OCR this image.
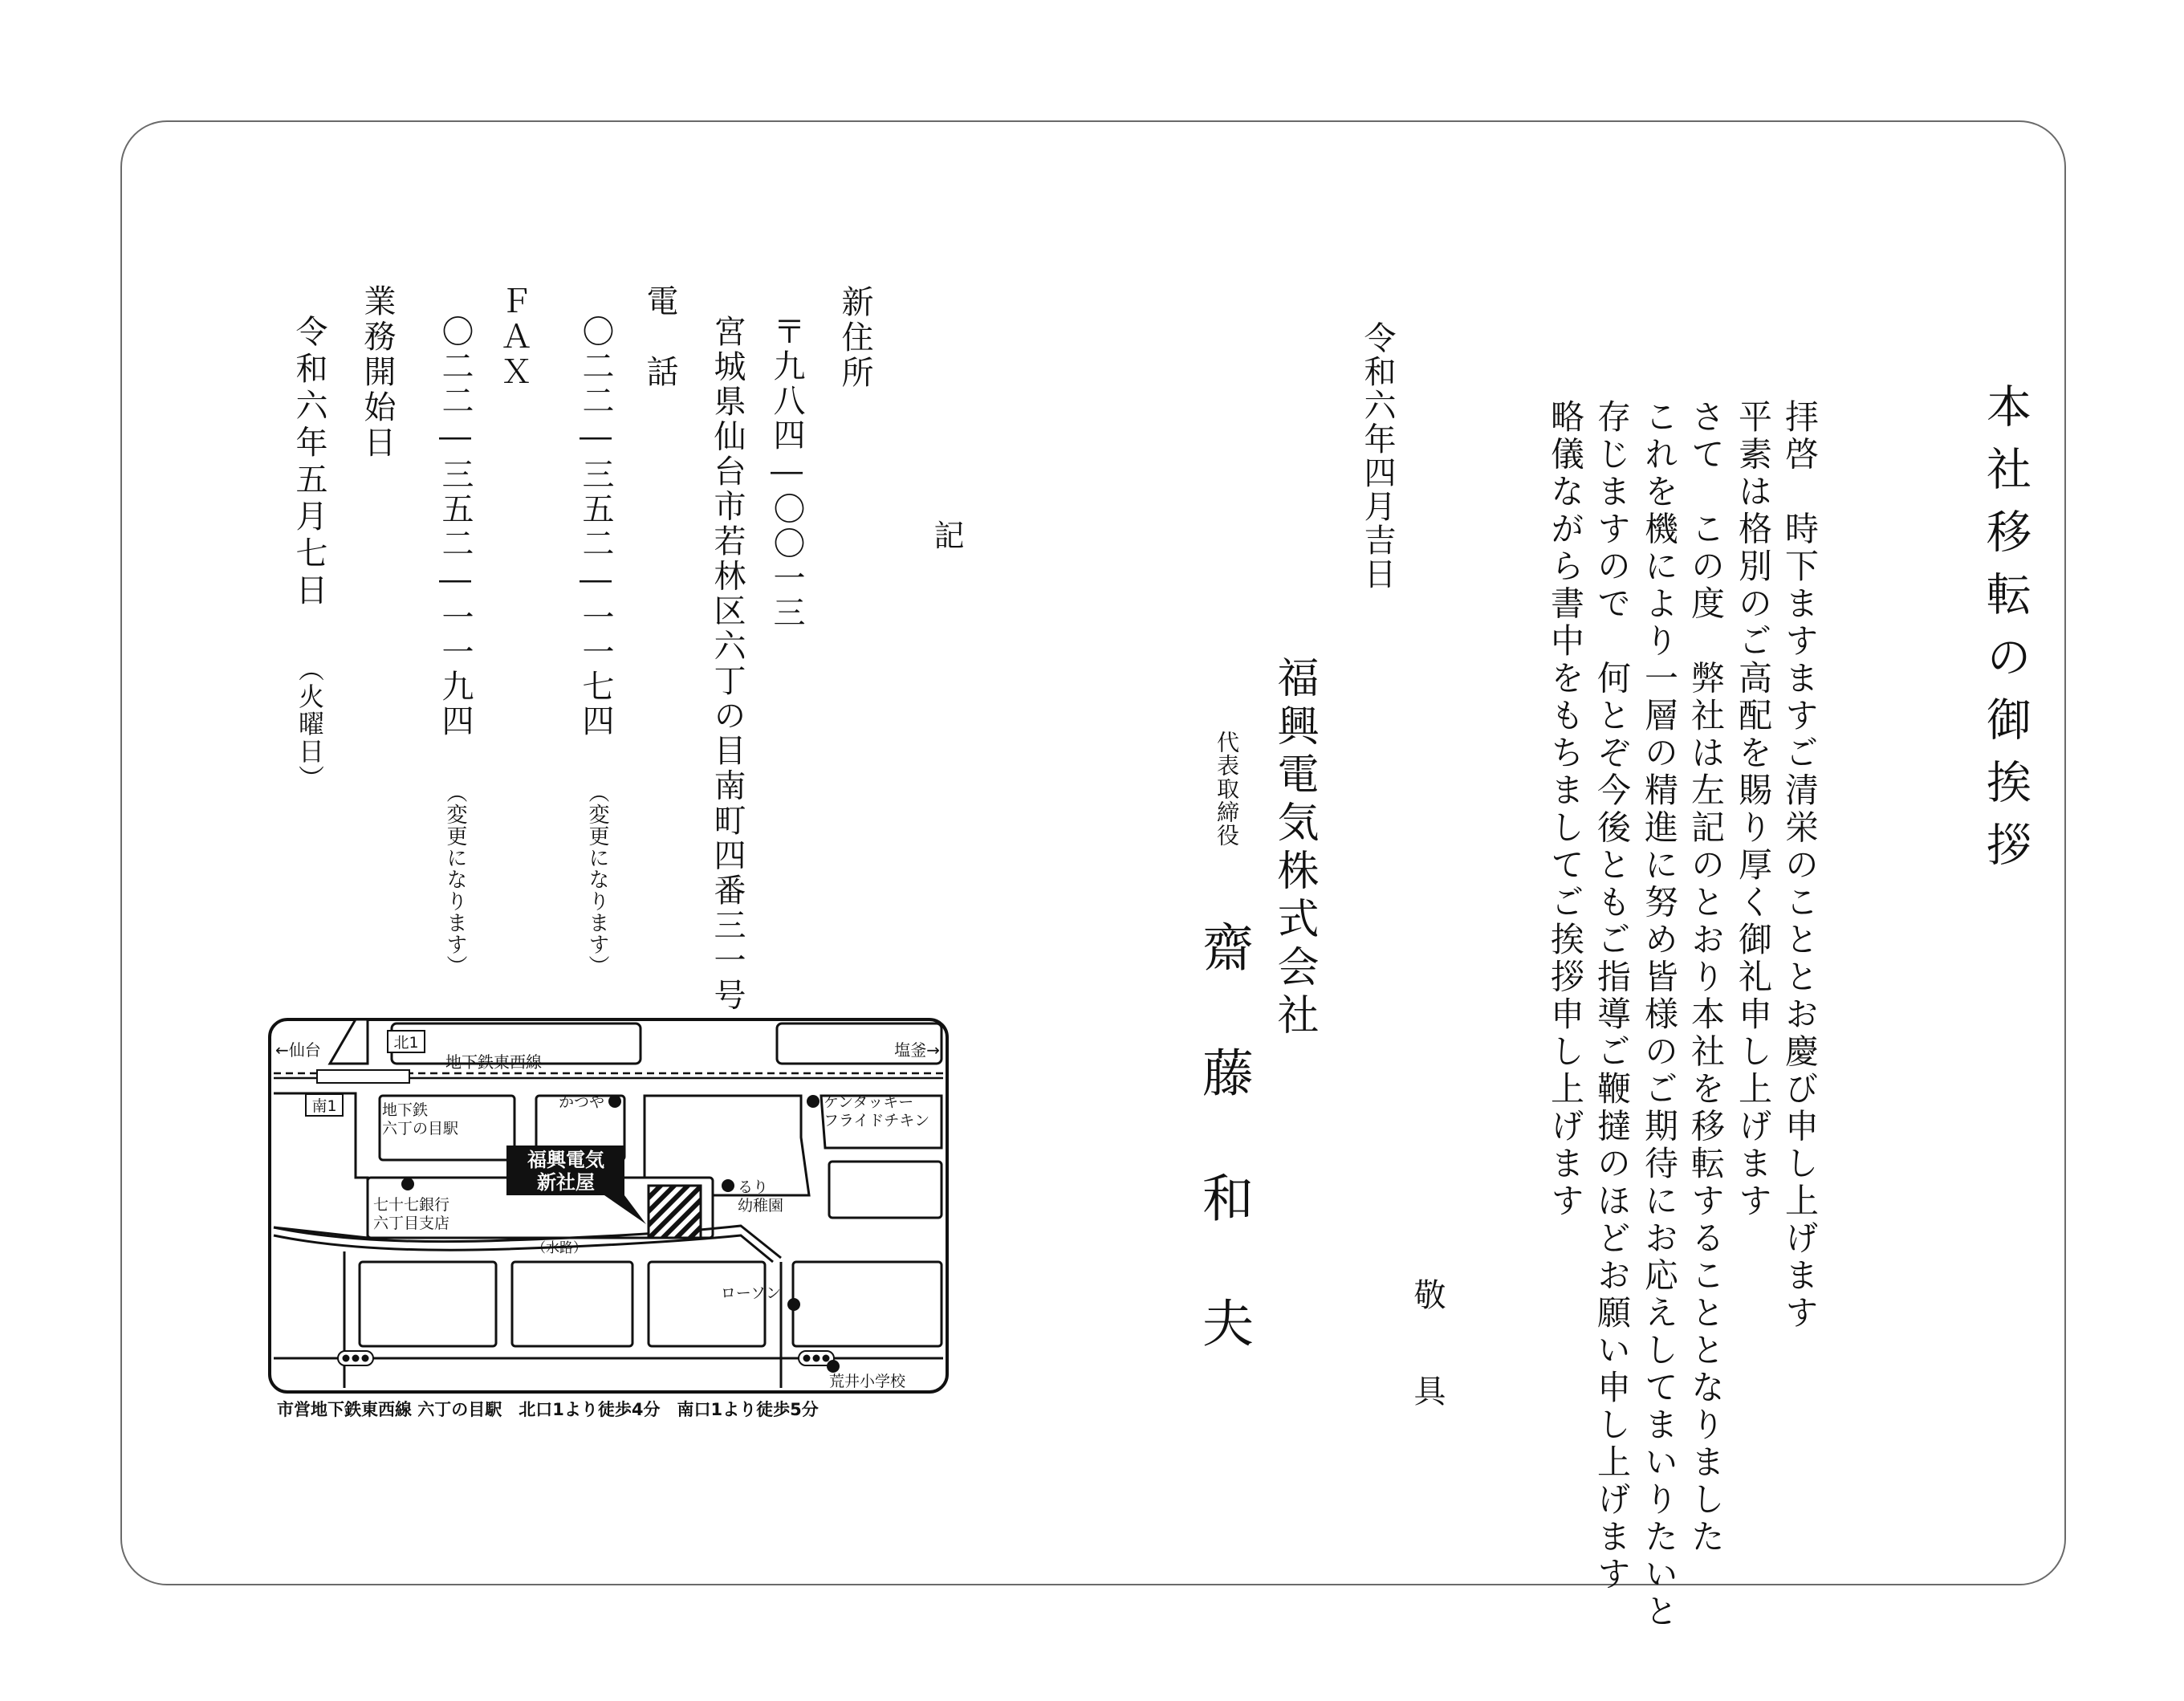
本社移転の御挨拶

拝啓　時下ますますご清栄のこととお慶び申し上げます

平素は格別のご高配を賜り厚く御礼申し上げます

さて　この度　弊社は左記のとおり本社を移転することとなりました

これを機により一層の精進に努め皆様のご期待にお応えしてまいりたいと

存じますので　何とぞ今後ともご指導ご鞭撻のほどお願い申し上げます

略儀ながら書中をもちましてご挨拶申し上げます

敬　具

令和六年四月吉日

福興電気株式会社

代表取締役

齋　藤　和　夫

記

新住所

〒九八四―〇〇一三

宮城県仙台市若林区六丁の目南町四番三一号

電　話

〇二二―三五二―一一七四

（変更になります）

ＦＡＸ

〇二二―三五二―一一九四

（変更になります）

業務開始日

令和六年五月七日

（火曜日）

福興電気
新社屋
北1
南1
←仙台	塩釜→
地下鉄東西線
地下鉄
六丁の目駅
かつや	ケンタッキー
フライドチキン
七十七銀行
六丁目支店
るり
幼稚園
（水路）
ローソン
荒井小学校

市営地下鉄東西線 六丁の目駅　北口1より徒歩4分　南口1より徒歩5分
